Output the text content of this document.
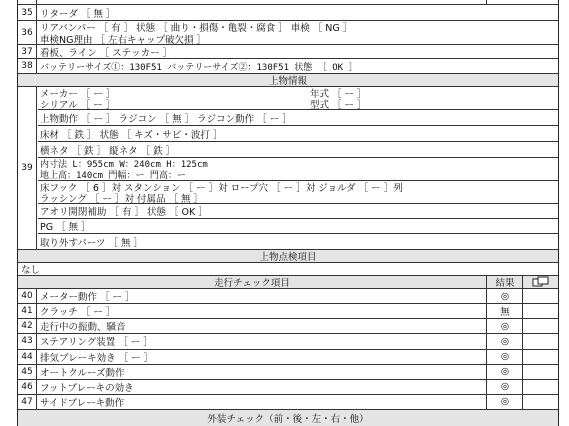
35 リターダ ［ 無 ］
36 リアバンパー ［ 有 ］ 状態 ［ 曲り・損傷・亀裂・腐食 ］ 車検 ［ NG ］
車検NG理由 ［ 左右キャップ破欠損 ］
37 看板、ライン ［ ステッカー ］
38 バッテリーサイズ①：130F51 バッテリーサイズ②：130F51 状態 ［ OK ］
上物情報
39
メーカー ［ ー ］	年式 ［ ー ］
シリアル ［ ー ］	型式 ［ ー ］
上物動作 ［ ー ］ ラジコン ［ 無 ］ ラジコン動作 ［ ー ］
床材 ［ 鉄 ］ 状態 ［ キズ・サビ・波打 ］
横ネタ ［ 鉄 ］ 縦ネタ ［ 鉄 ］
内寸法 L：955cm W：240cm H：125cm
地上高：140cm 門幅：ー 門高：ー
床フック ［ 6 ］対 スタンション ［ ー ］対 ロープ穴 ［ ー ］対 ジョルダ ［ ー ］列
ラッシング ［ ー ］対 付属品 ［ 無 ］
アオリ開閉補助 ［ 有 ］ 状態 ［ OK ］
PG ［ 無 ］
取り外すパーツ ［ 無 ］
上物点検項目
なし
走行チェック項目	結果
40 メーター動作 ［ ー ］	◎
41 クラッチ ［ ー ］	無
42 走行中の振動、騒音	◎
43 ステアリング装置 ［ ー ］	◎
44 排気ブレーキ効き ［ ー ］	◎
45 オートクルーズ動作	◎
46 フットブレーキの効き	◎
47 サイドブレーキ動作	◎
外装チェック（前・後・左・右・他）
